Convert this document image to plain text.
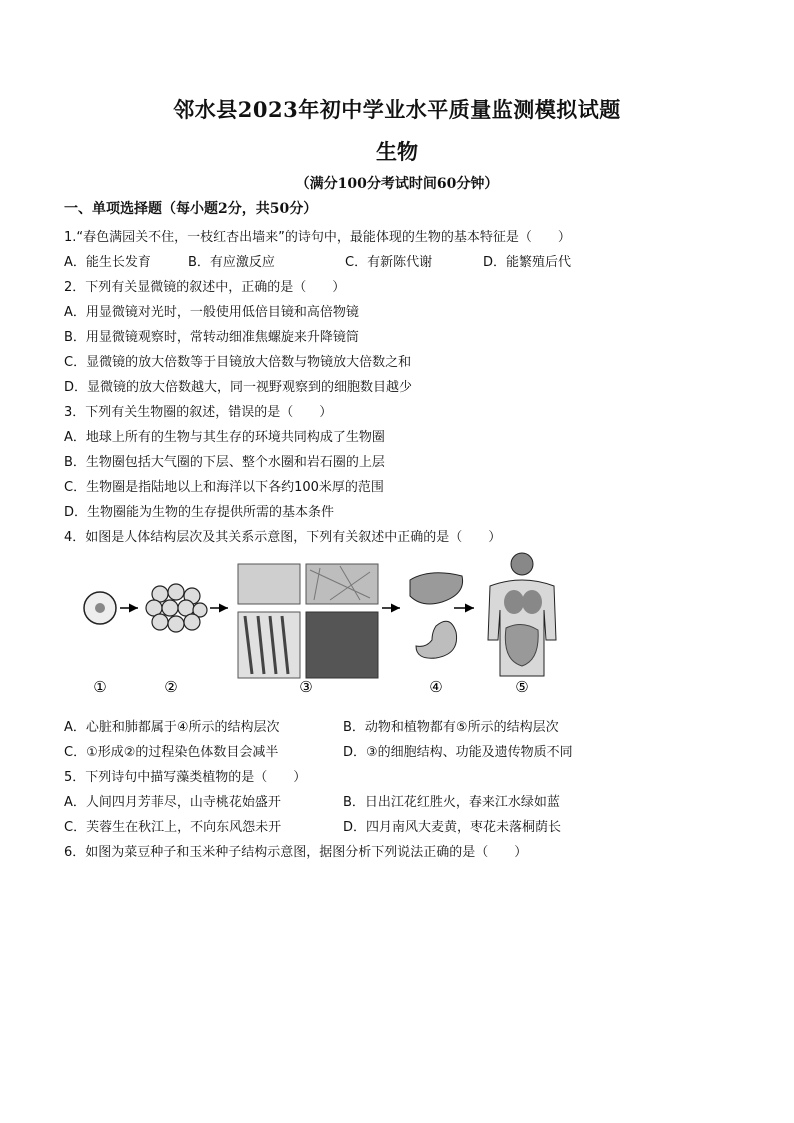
邻水县2023年初中学业水平质量监测模拟试题
生物
（满分100分考试时间60分钟）
一、单项选择题（每小题2分，共50分）
1.“春色满园关不住，一枝红杏出墙来”的诗句中，最能体现的生物的基本特征是（　　）
A．能生长发育	B．有应激反应	C．有新陈代谢	D．能繁殖后代
2．下列有关显微镜的叙述中，正确的是（　　）
A．用显微镜对光时，一般使用低倍目镜和高倍物镜
B．用显微镜观察时，常转动细准焦螺旋来升降镜筒
C．显微镜的放大倍数等于目镜放大倍数与物镜放大倍数之和
D．显微镜的放大倍数越大，同一视野观察到的细胞数目越少
3．下列有关生物圈的叙述，错误的是（　　）
A．地球上所有的生物与其生存的环境共同构成了生物圈
B．生物圈包括大气圈的下层、整个水圈和岩石圈的上层
C．生物圈是指陆地以上和海洋以下各约100米厚的范围
D．生物圈能为生物的生存提供所需的基本条件
4．如图是人体结构层次及其关系示意图，下列有关叙述中正确的是（　　）
①	②	③	④	⑤
A．心脏和肺都属于④所示的结构层次	B．动物和植物都有⑤所示的结构层次
C．①形成②的过程染色体数目会减半	D．③的细胞结构、功能及遗传物质不同
5．下列诗句中描写藻类植物的是（　　）
A．人间四月芳菲尽，山寺桃花始盛开	B．日出江花红胜火，春来江水绿如蓝
C．芙蓉生在秋江上，不向东风怨未开	D．四月南风大麦黄，枣花未落桐荫长
6．如图为菜豆种子和玉米种子结构示意图，据图分析下列说法正确的是（　　）
